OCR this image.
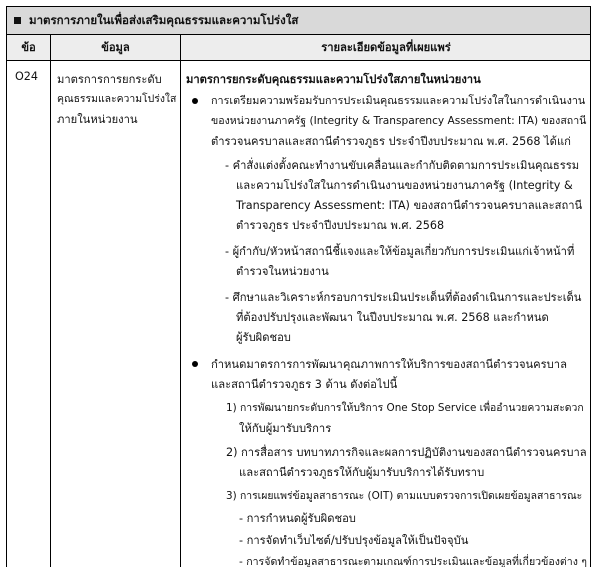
มาตรการภายในเพื่อส่งเสริมคุณธรรมและความโปร่งใส
ข้อ	ข้อมูล	รายละเอียดข้อมูลที่เผยแพร่
O24 มาตรการการยกระดับ
คุณธรรมและความโปร่งใส
ภายในหน่วยงาน
มาตรการยกระดับคุณธรรมและความโปร่งใสภายในหน่วยงาน
การเตรียมความพร้อมรับการประเมินคุณธรรมและความโปร่งใสในการดำเนินงาน
ของหน่วยงานภาครัฐ (Integrity & Transparency Assessment: ITA) ของสถานี
ตำรวจนครบาลและสถานีตำรวจภูธร ประจำปีงบประมาณ พ.ศ. 2568 ได้แก่
- คำสั่งแต่งตั้งคณะทำงานขับเคลื่อนและกำกับติดตามการประเมินคุณธรรม
และความโปร่งใสในการดำเนินงานของหน่วยงานภาครัฐ (Integrity &
Transparency Assessment: ITA) ของสถานีตำรวจนครบาลและสถานี
ตำรวจภูธร ประจำปีงบประมาณ พ.ศ. 2568
- ผู้กำกับ/หัวหน้าสถานีชี้แจงและให้ข้อมูลเกี่ยวกับการประเมินแก่เจ้าหน้าที่
ตำรวจในหน่วยงาน
- ศึกษาและวิเคราะห์กรอบการประเมินประเด็นที่ต้องดำเนินการและประเด็น
ที่ต้องปรับปรุงและพัฒนา ในปีงบประมาณ พ.ศ. 2568 และกำหนด
ผู้รับผิดชอบ
กำหนดมาตรการการพัฒนาคุณภาพการให้บริการของสถานีตำรวจนครบาล
และสถานีตำรวจภูธร 3 ด้าน ดังต่อไปนี้
1) การพัฒนายกระดับการให้บริการ One Stop Service เพื่ออำนวยความสะดวก
ให้กับผู้มารับบริการ
2) การสื่อสาร บทบาทภารกิจและผลการปฏิบัติงานของสถานีตำรวจนครบาล
และสถานีตำรวจภูธรให้กับผู้มารับบริการได้รับทราบ
3) การเผยแพร่ข้อมูลสาธารณะ (OIT) ตามแบบตรวจการเปิดเผยข้อมูลสาธารณะ
- การกำหนดผู้รับผิดชอบ
- การจัดทำเว็บไซต์/ปรับปรุงข้อมูลให้เป็นปัจจุบัน
- การจัดทำข้อมูลสาธารณะตามเกณฑ์การประเมินและข้อมูลที่เกี่ยวข้องต่าง ๆ
